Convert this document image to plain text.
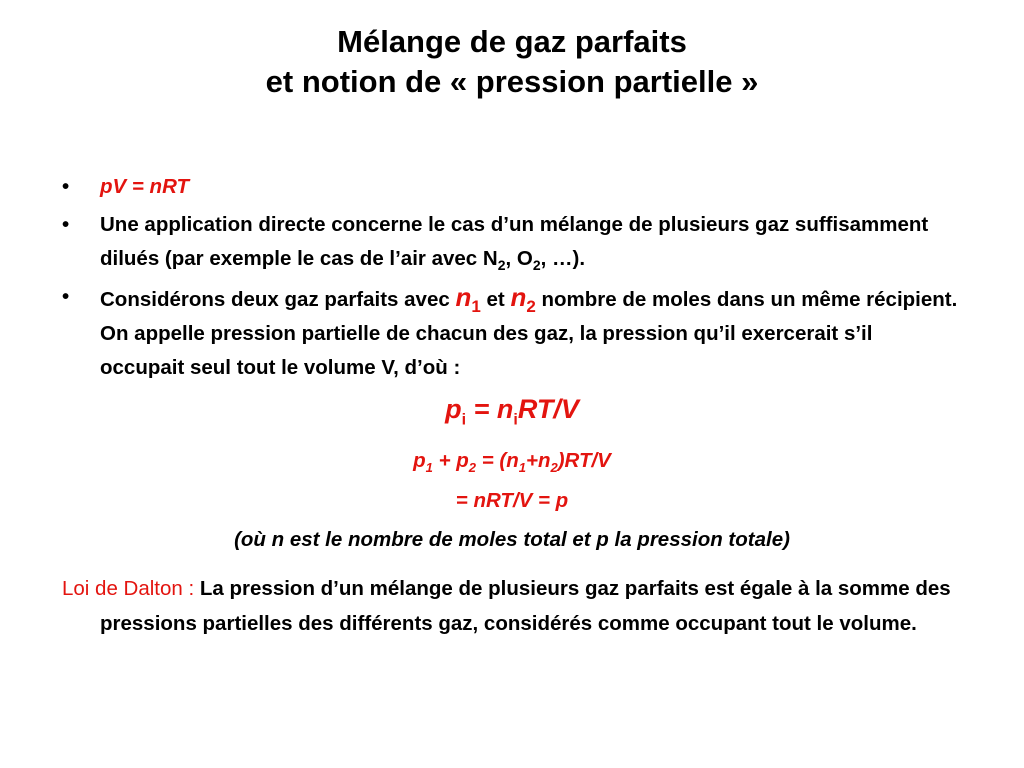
Mélange de gaz parfaits
et notion de « pression partielle »
• pV = nRT
• Une application directe concerne le cas d’un mélange de plusieurs gaz suffisamment dilués (par exemple le cas de l’air avec $N_2$, $O_2$, …).
• Considérons deux gaz parfaits avec $n_1$ et $n_2$ nombre de moles dans un même récipient. On appelle pression partielle de chacun des gaz, la pression qu’il exercerait s’il occupait seul tout le volume V, d’où :
$p_i = n_iRT/V$
$p_1 + p_2 = (n_1+n_2)RT/V$
= nRT/V = p
(où n est le nombre de moles total et p la pression totale)
Loi de Dalton : La pression d’un mélange de plusieurs gaz parfaits est égale à la somme des pressions partielles des différents gaz, considérés comme occupant tout le volume.
